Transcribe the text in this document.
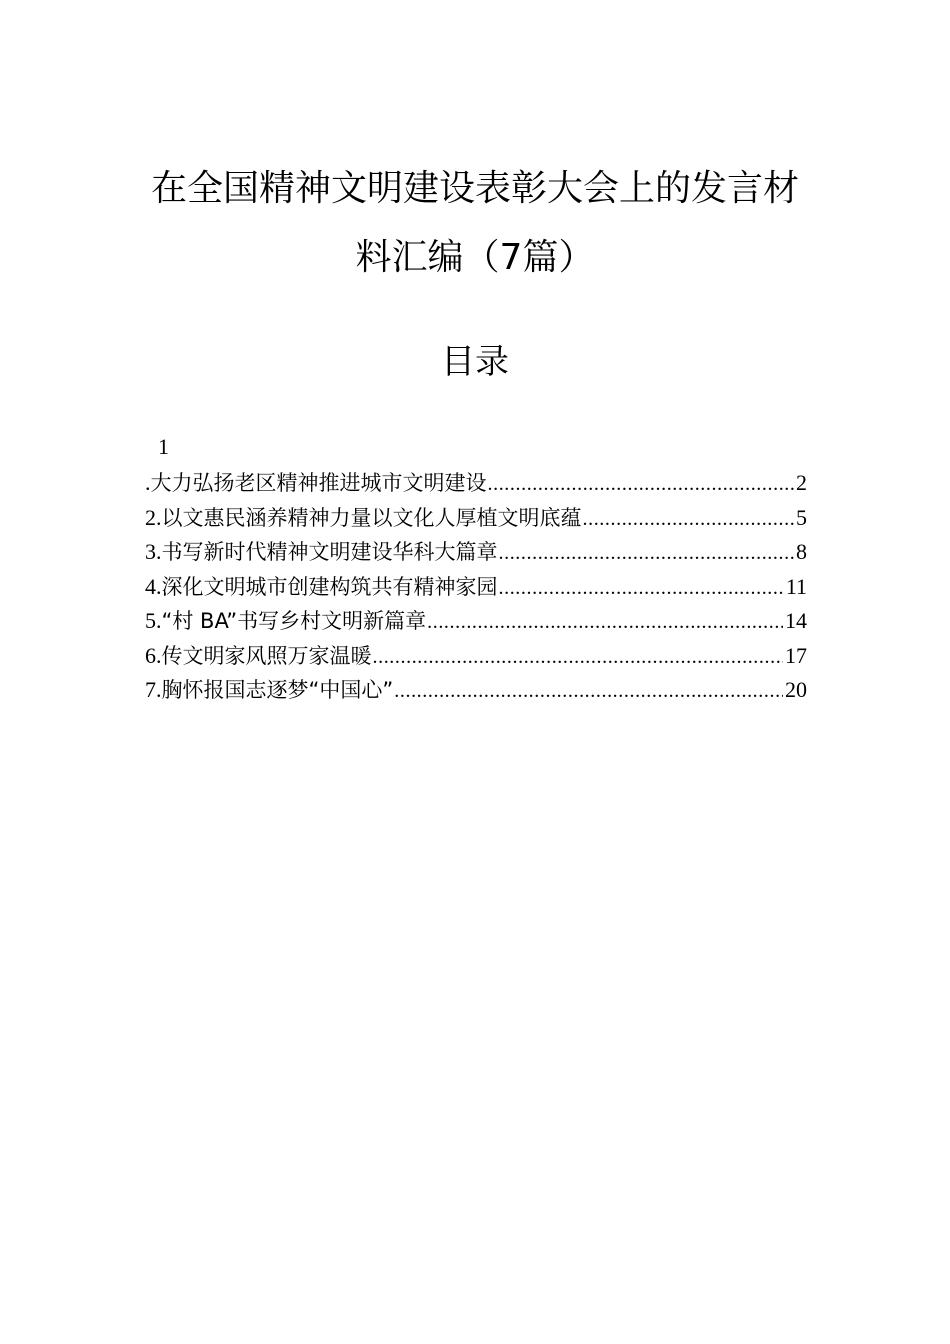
在全国精神文明建设表彰大会上的发言材
料汇编（7篇）
目录
1
.大力弘扬老区精神推进城市文明建设 .....	2
2.以文惠民涵养精神力量以文化人厚植文明底蕴 .....	5
3.书写新时代精神文明建设华科大篇章 .....	8
4.深化文明城市创建构筑共有精神家园 .....	11
5.“村 BA”书写乡村文明新篇章 .....	14
6.传文明家风照万家温暖 .....	17
7.胸怀报国志逐梦“中国心” .....	20
